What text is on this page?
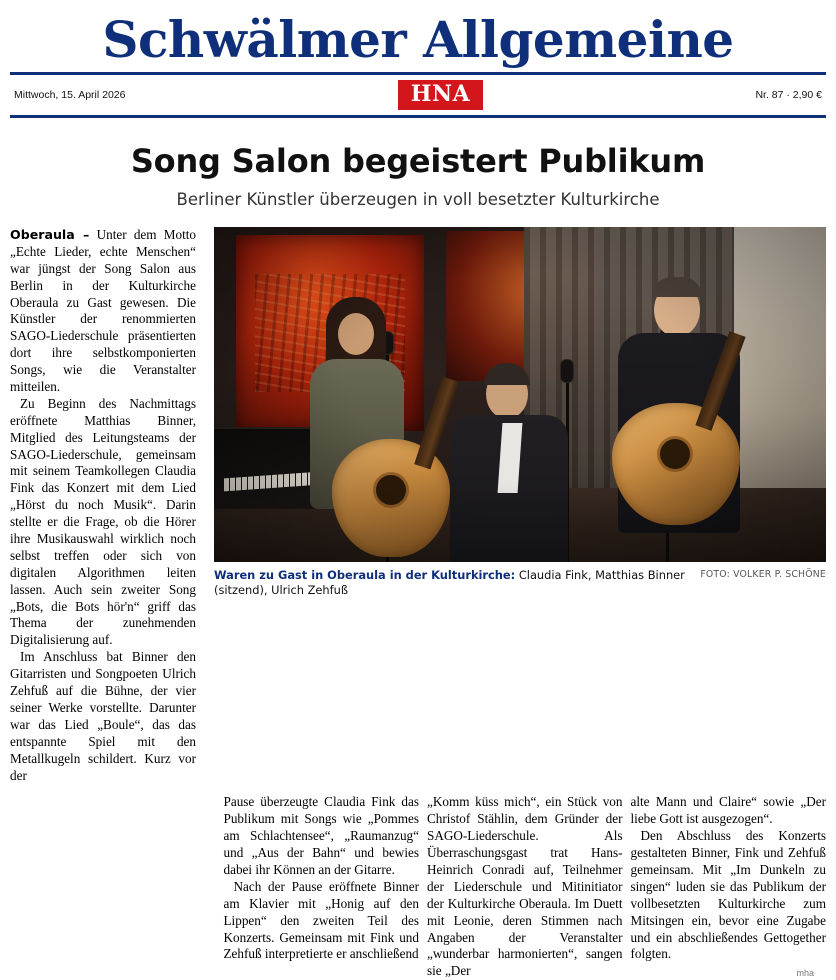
Schwälmer Allgemeine
Mittwoch, 15. April 2026	HNA	Nr. 87 · 2,90 €
Song Salon begeistert Publikum
Berliner Künstler überzeugen in voll besetzter Kulturkirche

Oberaula – Unter dem Motto „Echte Lieder, echte Menschen“ war jüngst der Song Salon aus Berlin in der Kulturkirche Oberaula zu Gast gewesen. Die Künstler der renommierten SAGO-Liederschule präsentierten dort ihre selbstkomponierten Songs, wie die Veranstalter mitteilen.

Zu Beginn des Nachmittags eröffnete Matthias Binner, Mitglied des Leitungsteams der SAGO-Liederschule, gemeinsam mit seinem Teamkollegen Claudia Fink das Konzert mit dem Lied „Hörst du noch Musik“. Darin stellte er die Frage, ob die Hörer ihre Musikauswahl wirklich noch selbst treffen oder sich von digitalen Algorithmen leiten lassen. Auch sein zweiter Song „Bots, die Bots hör'n“ griff das Thema der zunehmenden Digitalisierung auf.

Im Anschluss bat Binner den Gitarristen und Songpoeten Ulrich Zehfuß auf die Bühne, der vier seiner Werke vorstellte. Darunter war das Lied „Boule“, das das entspannte Spiel mit den Metallkugeln schildert. Kurz vor der

FOTO: VOLKER P. SCHÖNE
Waren zu Gast in Oberaula in der Kulturkirche: Claudia Fink, Matthias Binner (sitzend), Ulrich Zehfuß

Pause überzeugte Claudia Fink das Publikum mit Songs wie „Pommes am Schlachtensee“, „Raumanzug“ und „Aus der Bahn“ und bewies dabei ihr Können an der Gitarre.

Nach der Pause eröffnete Binner am Klavier mit „Honig auf den Lippen“ den zweiten Teil des Konzerts. Gemeinsam mit Fink und Zehfuß interpretierte er anschließend

„Komm küss mich“, ein Stück von Christof Stählin, dem Gründer der SAGO-Liederschule. Als Überraschungsgast trat Hans-Heinrich Conradi auf, Teilnehmer der Liederschule und Mitinitiator der Kulturkirche Oberaula. Im Duett mit Leonie, deren Stimmen nach Angaben der Veranstalter „wunderbar harmonierten“, sangen sie „Der

alte Mann und Claire“ sowie „Der liebe Gott ist ausgezogen“.

Den Abschluss des Konzerts gestalteten Binner, Fink und Zehfuß gemeinsam. Mit „Im Dunkeln zu singen“ luden sie das Publikum der vollbesetzten Kulturkirche zum Mitsingen ein, bevor eine Zugabe und ein abschließendes Gettogether folgten.

mha
